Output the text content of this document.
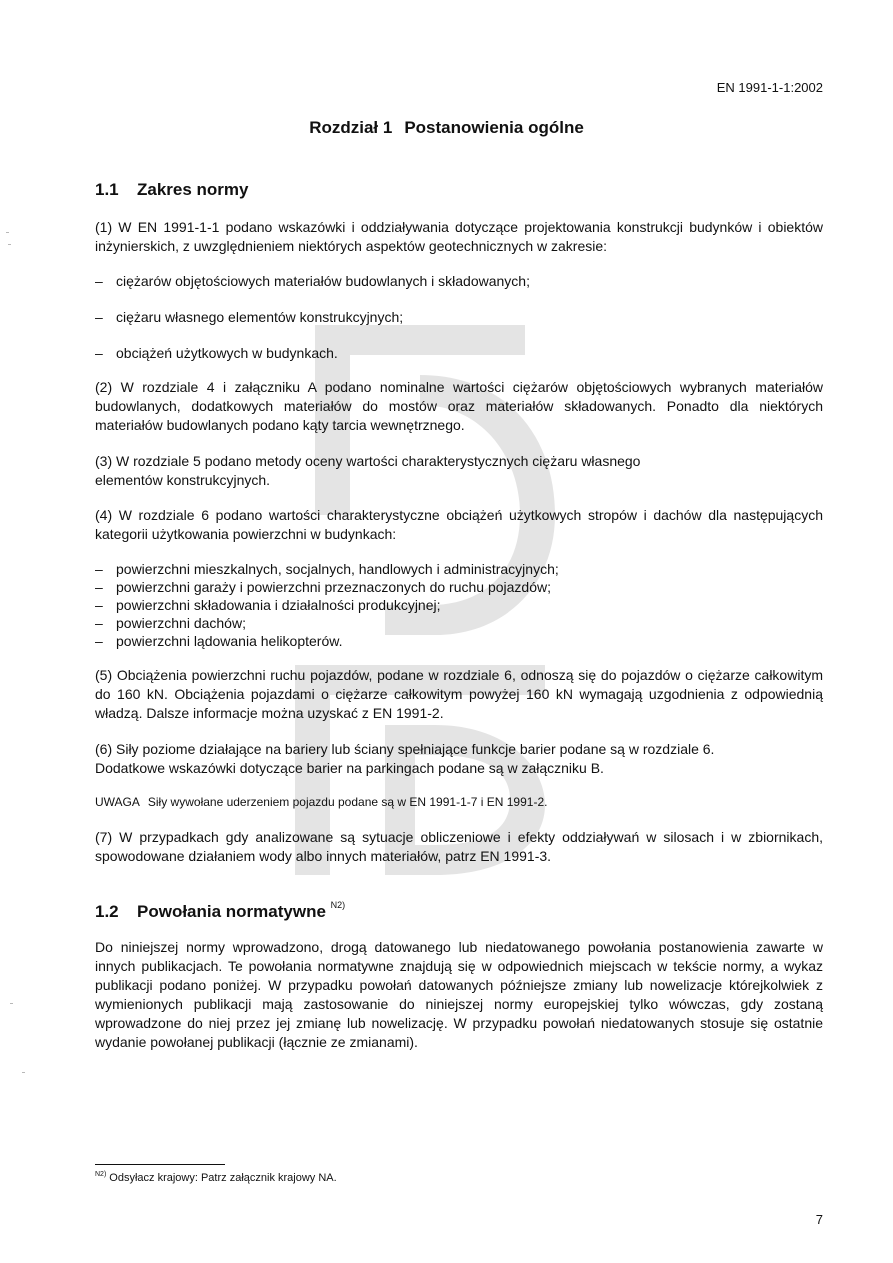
EN 1991-1-1:2002
Rozdział 1 Postanowienia ogólne
1.1 Zakres normy

(1) W EN 1991-1-1 podano wskazówki i oddziaływania dotyczące projektowania konstrukcji budynków i obiektów inżynierskich, z uwzględnieniem niektórych aspektów geotechnicznych w zakresie:

– ciężarów objętościowych materiałów budowlanych i składowanych;
– ciężaru własnego elementów konstrukcyjnych;
– obciążeń użytkowych w budynkach.

(2) W rozdziale 4 i załączniku A podano nominalne wartości ciężarów objętościowych wybranych materiałów budowlanych, dodatkowych materiałów do mostów oraz materiałów składowanych. Ponadto dla niektórych materiałów budowlanych podano kąty tarcia wewnętrznego.

(3) W rozdziale 5 podano metody oceny wartości charakterystycznych ciężaru własnego
elementów konstrukcyjnych.

(4) W rozdziale 6 podano wartości charakterystyczne obciążeń użytkowych stropów i dachów dla następujących kategorii użytkowania powierzchni w budynkach:

– powierzchni mieszkalnych, socjalnych, handlowych i administracyjnych;
– powierzchni garaży i powierzchni przeznaczonych do ruchu pojazdów;
– powierzchni składowania i działalności produkcyjnej;
– powierzchni dachów;
– powierzchni lądowania helikopterów.

(5) Obciążenia powierzchni ruchu pojazdów, podane w rozdziale 6, odnoszą się do pojazdów o ciężarze całkowitym do 160 kN. Obciążenia pojazdami o ciężarze całkowitym powyżej 160 kN wymagają uzgodnienia z odpowiednią władzą. Dalsze informacje można uzyskać z EN 1991-2.

(6) Siły poziome działające na bariery lub ściany spełniające funkcje barier podane są w rozdziale 6.
Dodatkowe wskazówki dotyczące barier na parkingach podane są w załączniku B.
UWAGA Siły wywołane uderzeniem pojazdu podane są w EN 1991-1-7 i EN 1991-2.

(7) W przypadkach gdy analizowane są sytuacje obliczeniowe i efekty oddziaływań w silosach i w zbiornikach, spowodowane działaniem wody albo innych materiałów, patrz EN 1991-3.

1.2 Powołania normatywne $^{N2)}$

Do niniejszej normy wprowadzono, drogą datowanego lub niedatowanego powołania postanowienia zawarte w innych publikacjach. Te powołania normatywne znajdują się w odpowiednich miejscach w tekście normy, a wykaz publikacji podano poniżej. W przypadku powołań datowanych późniejsze zmiany lub nowelizacje którejkolwiek z wymienionych publikacji mają zastosowanie do niniejszej normy europejskiej tylko wówczas, gdy zostaną wprowadzone do niej przez jej zmianę lub nowelizację. W przypadku powołań niedatowanych stosuje się ostatnie wydanie powołanej publikacji (łącznie ze zmianami).

$^{N2)}$ Odsyłacz krajowy: Patrz załącznik krajowy NA.
7
